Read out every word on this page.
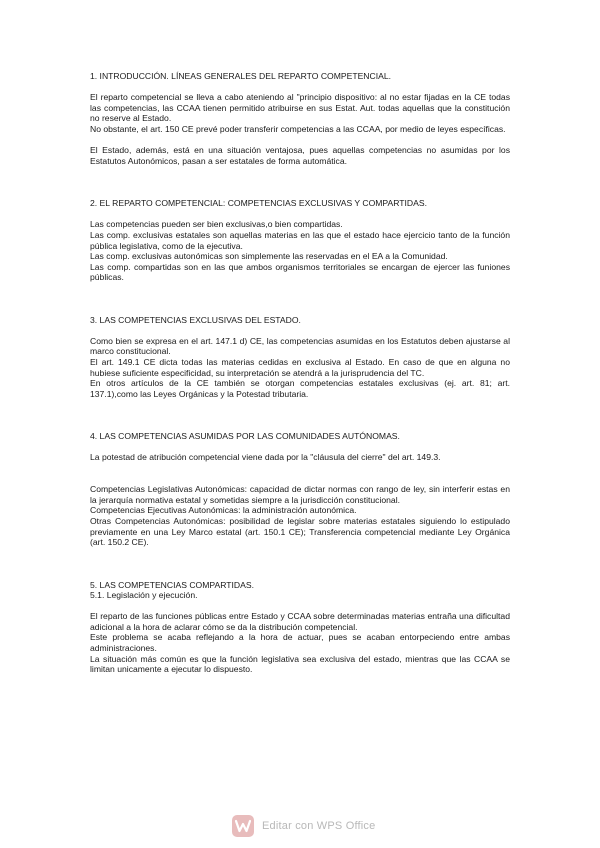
1. INTRODUCCIÓN. LÍNEAS GENERALES DEL REPARTO COMPETENCIAL.

El reparto competencial se lleva a cabo ateniendo al "principio dispositivo: al no estar fijadas en la CE todas las competencias, las CCAA tienen permitido atribuirse en sus Estat. Aut. todas aquellas que la constitución no reserve al Estado.

No obstante, el art. 150 CE prevé poder transferir competencias a las CCAA, por medio de leyes específicas.

El Estado, además, está en una situación ventajosa, pues aquellas competencias no asumidas por los Estatutos Autonómicos, pasan a ser estatales de forma automática.

2. EL REPARTO COMPETENCIAL: COMPETENCIAS EXCLUSIVAS Y COMPARTIDAS.

Las competencias pueden ser bien exclusivas,o bien compartidas.

Las comp. exclusivas estatales son aquellas materias en las que el estado hace ejercicio tanto de la función pública legislativa, como de la ejecutiva.

Las comp. exclusivas autonómicas son simplemente las reservadas en el EA a la Comunidad.

Las comp. compartidas son en las que ambos organismos territoriales se encargan de ejercer las funiones públicas.

3. LAS COMPETENCIAS EXCLUSIVAS DEL ESTADO.

Como bien se expresa en el art. 147.1 d) CE, las competencias asumidas en los Estatutos deben ajustarse al marco constitucional.

El art. 149.1 CE dicta todas las materias cedidas en exclusiva al Estado. En caso de que en alguna no hubiese suficiente especificidad, su interpretación se atendrá a la jurisprudencia del TC.

En otros artículos de la CE también se otorgan competencias estatales exclusivas (ej. art. 81; art. 137.1),como las Leyes Orgánicas y la Potestad tributaria.

4. LAS COMPETENCIAS ASUMIDAS POR LAS COMUNIDADES AUTÓNOMAS.

La potestad de atribución competencial viene dada por la "cláusula del cierre" del art. 149.3.

Competencias Legislativas Autonómicas: capacidad de dictar normas con rango de ley, sin interferir estas en la jerarquía normativa estatal y sometidas siempre a la jurisdicción constitucional.

Competencias Ejecutivas Autonómicas: la administración autonómica.

Otras Competencias Autonómicas: posibilidad de legislar sobre materias estatales siguiendo lo estipulado previamente en una Ley Marco estatal (art. 150.1 CE); Transferencia competencial mediante Ley Orgánica (art. 150.2 CE).

5. LAS COMPETENCIAS COMPARTIDAS.

5.1. Legislación y ejecución.

El reparto de las funciones públicas entre Estado y CCAA sobre determinadas materias entraña una dificultad adicional a la hora de aclarar cómo se da la distribución competencial.

Este problema se acaba reflejando a la hora de actuar, pues se acaban entorpeciendo entre ambas administraciones.

La situación más común es que la función legislativa sea exclusiva del estado, mientras que las CCAA se limitan unicamente a ejecutar lo dispuesto.

Editar con WPS Office
